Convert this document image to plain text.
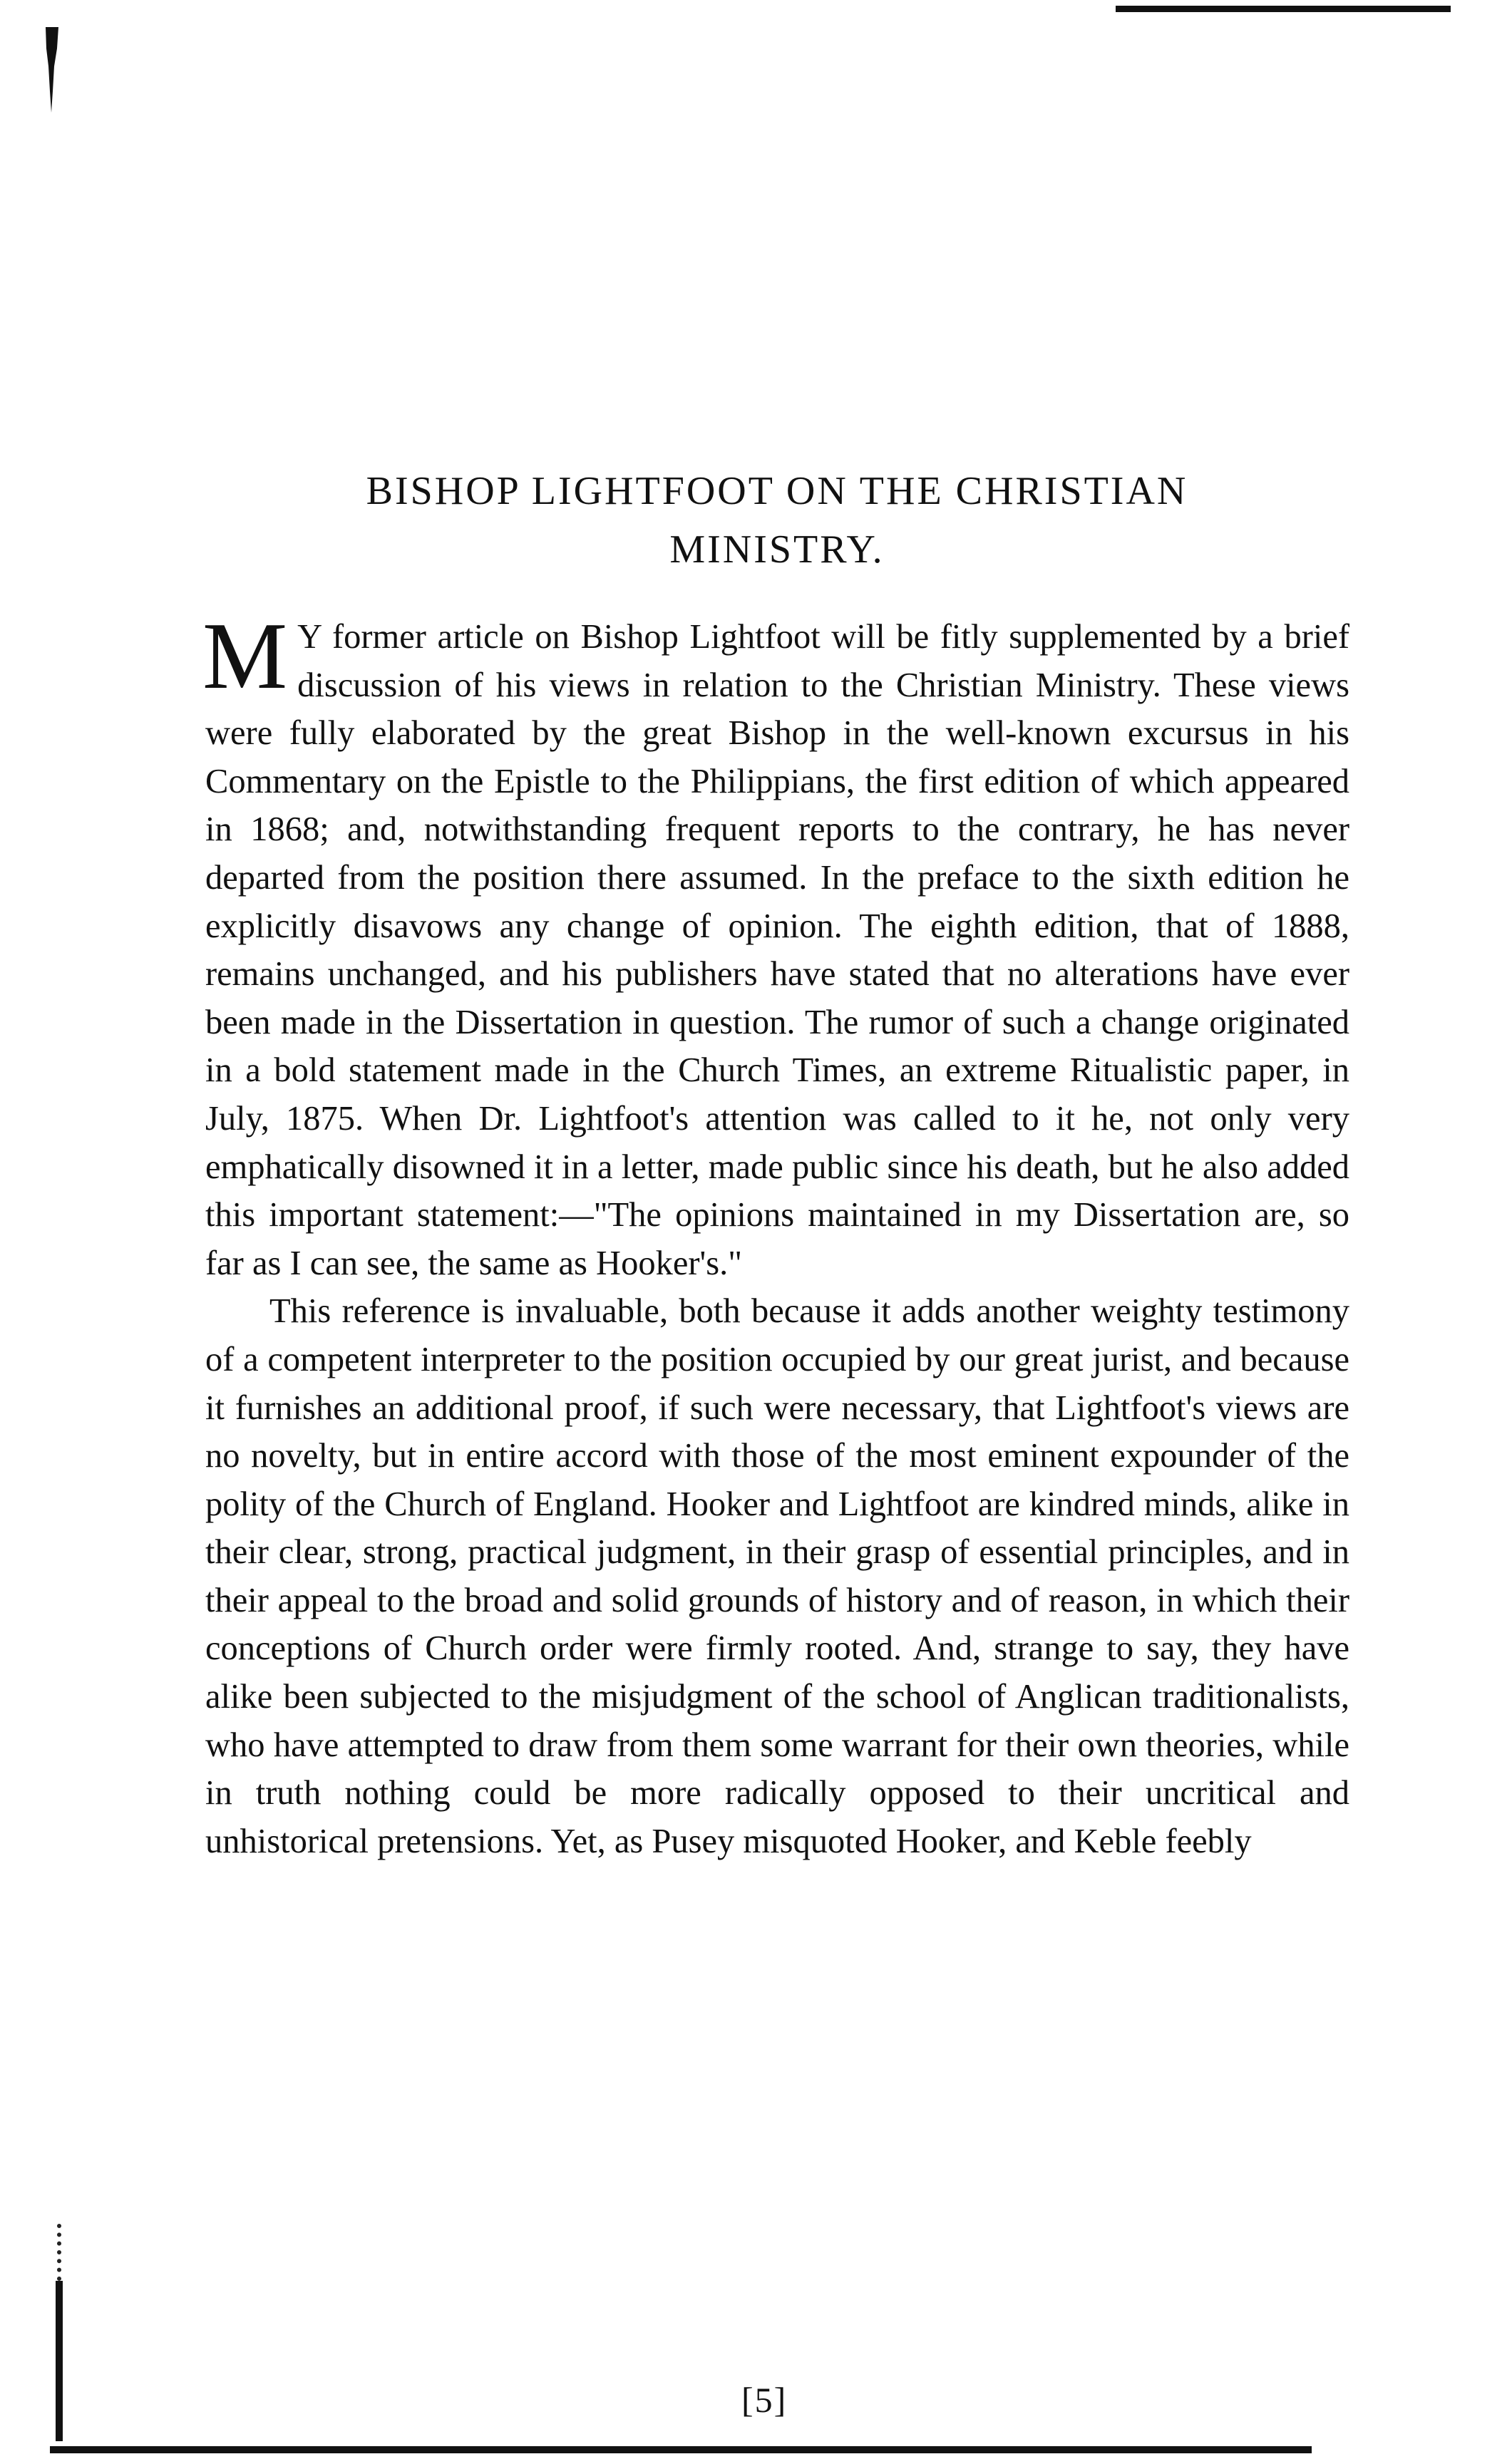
BISHOP LIGHTFOOT ON THE CHRISTIAN
MINISTRY.

M Y former article on Bishop Lightfoot will be fitly supplemented by a brief discussion of his views in relation to the Christian Ministry. These views were fully elaborated by the great Bishop in the well-known excursus in his Commentary on the Epistle to the Philippians, the first edition of which appeared in 1868; and, notwithstanding frequent reports to the contrary, he has never departed from the position there assumed. In the preface to the sixth edition he explicitly disavows any change of opinion. The eighth edition, that of 1888, remains unchanged, and his publishers have stated that no alterations have ever been made in the Dissertation in question. The rumor of such a change originated in a bold statement made in the Church Times, an extreme Ritualistic paper, in July, 1875. When Dr. Lightfoot's attention was called to it he, not only very emphatically disowned it in a letter, made public since his death, but he also added this important statement:—"The opinions maintained in my Dissertation are, so far as I can see, the same as Hooker's."

This reference is invaluable, both because it adds another weighty testimony of a competent interpreter to the position occupied by our great jurist, and because it furnishes an additional proof, if such were necessary, that Lightfoot's views are no novelty, but in entire accord with those of the most eminent expounder of the polity of the Church of England. Hooker and Lightfoot are kindred minds, alike in their clear, strong, practical judgment, in their grasp of essential principles, and in their appeal to the broad and solid grounds of history and of reason, in which their conceptions of Church order were firmly rooted. And, strange to say, they have alike been subjected to the misjudgment of the school of Anglican traditionalists, who have attempted to draw from them some warrant for their own theories, while in truth nothing could be more radically opposed to their uncritical and unhistorical pretensions. Yet, as Pusey misquoted Hooker, and Keble feebly

[5]
